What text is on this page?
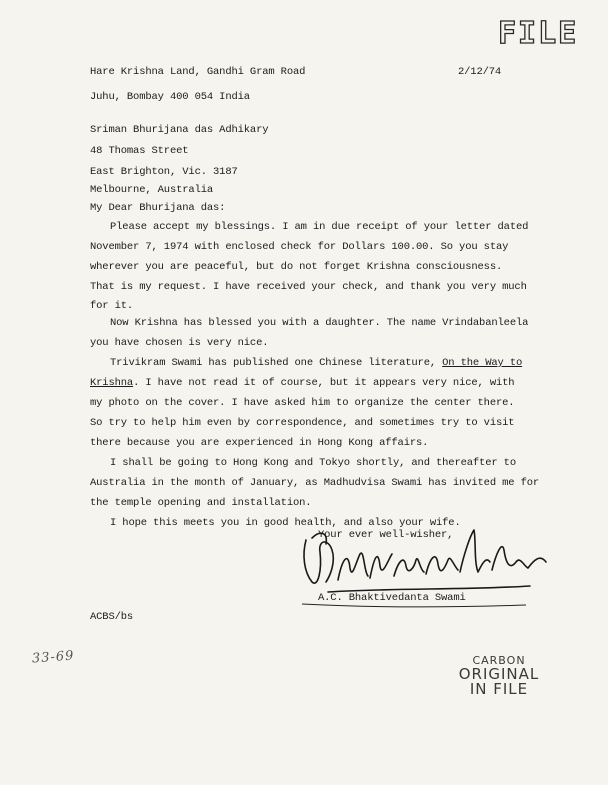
FILE
Hare Krishna Land, Gandhi Gram Road	2/12/74
Juhu, Bombay 400 054 India
Sriman Bhurijana das Adhikary
48 Thomas Street
East Brighton, Vic. 3187
Melbourne, Australia
My Dear Bhurijana das:
Please accept my blessings. I am in due receipt of your letter dated
November 7, 1974 with enclosed check for Dollars 100.00. So you stay
wherever you are peaceful, but do not forget Krishna consciousness.
That is my request. I have received your check, and thank you very much
for it.
Now Krishna has blessed you with a daughter. The name Vrindabanleela
you have chosen is very nice.
Trivikram Swami has published one Chinese literature, On the Way to
Krishna. I have not read it of course, but it appears very nice, with
my photo on the cover. I have asked him to organize the center there.
So try to help him even by correspondence, and sometimes try to visit
there because you are experienced in Hong Kong affairs.
I shall be going to Hong Kong and Tokyo shortly, and thereafter to
Australia in the month of January, as Madhudvisa Swami has invited me for
the temple opening and installation.
I hope this meets you in good health, and also your wife.
Your ever well-wisher,
A.C. Bhaktivedanta Swami
ACBS/bs
33-69	CARBON
ORIGINAL
IN FILE
